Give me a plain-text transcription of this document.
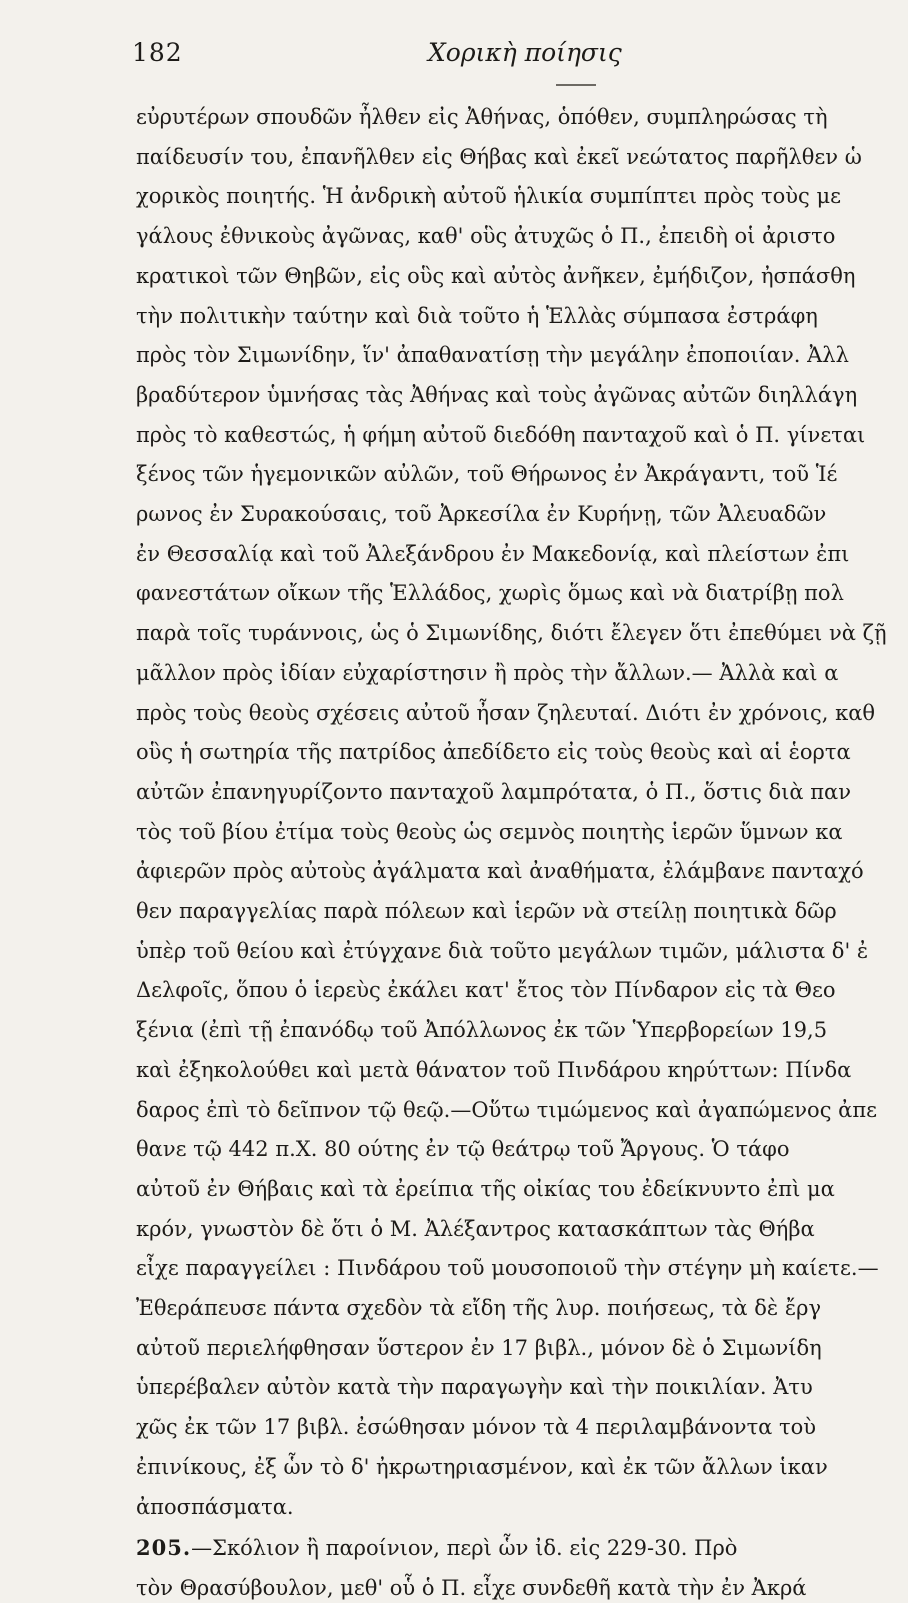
182	Χορικὴ ποίησις
εὐρυτέρων σπουδῶν ἦλθεν εἰς Ἀθήνας, ὁπόθεν, συμπληρώσας τὴ
παίδευσίν του, ἐπανῆλθεν εἰς Θήβας καὶ ἐκεῖ νεώτατος παρῆλθεν ὡ
χορικὸς ποιητής. Ἡ ἀνδρικὴ αὐτοῦ ἡλικία συμπίπτει πρὸς τοὺς με
γάλους ἐθνικοὺς ἀγῶνας, καθ' οὓς ἀτυχῶς ὁ Π., ἐπειδὴ οἱ ἀριστο
κρατικοὶ τῶν Θηβῶν, εἰς οὓς καὶ αὐτὸς ἀνῆκεν, ἐμήδιζον, ἠσπάσθη
τὴν πολιτικὴν ταύτην καὶ διὰ τοῦτο ἡ Ἑλλὰς σύμπασα ἐστράφη
πρὸς τὸν Σιμωνίδην, ἵν' ἀπαθανατίσῃ τὴν μεγάλην ἐποποιίαν. Ἀλλ
βραδύτερον ὑμνήσας τὰς Ἀθήνας καὶ τοὺς ἀγῶνας αὐτῶν διηλλάγη
πρὸς τὸ καθεστώς, ἡ φήμη αὐτοῦ διεδόθη πανταχοῦ καὶ ὁ Π. γίνεται
ξένος τῶν ἡγεμονικῶν αὐλῶν, τοῦ Θήρωνος ἐν Ἀκράγαντι, τοῦ Ἱέ
ρωνος ἐν Συρακούσαις, τοῦ Ἀρκεσίλα ἐν Κυρήνῃ, τῶν Ἀλευαδῶν
ἐν Θεσσαλίᾳ καὶ τοῦ Ἀλεξάνδρου ἐν Μακεδονίᾳ, καὶ πλείστων ἐπι
φανεστάτων οἴκων τῆς Ἑλλάδος, χωρὶς ὅμως καὶ νὰ διατρίβῃ πολ
παρὰ τοῖς τυράννοις, ὡς ὁ Σιμωνίδης, διότι ἔλεγεν ὅτι ἐπεθύμει νὰ ζῇ
μᾶλλον πρὸς ἰδίαν εὐχαρίστησιν ἢ πρὸς τὴν ἄλλων.— Ἀλλὰ καὶ α
πρὸς τοὺς θεοὺς σχέσεις αὐτοῦ ἦσαν ζηλευταί. Διότι ἐν χρόνοις, καθ
οὓς ἡ σωτηρία τῆς πατρίδος ἀπεδίδετο εἰς τοὺς θεοὺς καὶ αἱ ἑορτα
αὐτῶν ἐπανηγυρίζοντο πανταχοῦ λαμπρότατα, ὁ Π., ὅστις διὰ παν
τὸς τοῦ βίου ἐτίμα τοὺς θεοὺς ὡς σεμνὸς ποιητὴς ἱερῶν ὕμνων κα
ἀφιερῶν πρὸς αὐτοὺς ἀγάλματα καὶ ἀναθήματα, ἐλάμβανε πανταχό
θεν παραγγελίας παρὰ πόλεων καὶ ἱερῶν νὰ στείλῃ ποιητικὰ δῶρ
ὑπὲρ τοῦ θείου καὶ ἐτύγχανε διὰ τοῦτο μεγάλων τιμῶν, μάλιστα δ' ἐ
Δελφοῖς, ὅπου ὁ ἱερεὺς ἐκάλει κατ' ἔτος τὸν Πίνδαρον εἰς τὰ Θεο
ξένια (ἐπὶ τῇ ἐπανόδῳ τοῦ Ἀπόλλωνος ἐκ τῶν Ὑπερβορείων 19,5
καὶ ἐξηκολούθει καὶ μετὰ θάνατον τοῦ Πινδάρου κηρύττων: Πίνδα
δαρος ἐπὶ τὸ δεῖπνον τῷ θεῷ.—Οὕτω τιμώμενος καὶ ἀγαπώμενος ἀπε
θανε τῷ 442 π.Χ. 80 ούτης ἐν τῷ θεάτρῳ τοῦ Ἄργους. Ὁ τάφο
αὐτοῦ ἐν Θήβαις καὶ τὰ ἐρείπια τῆς οἰκίας του ἐδείκνυντο ἐπὶ μα
κρόν, γνωστὸν δὲ ὅτι ὁ Μ. Ἀλέξαντρος κατασκάπτων τὰς Θήβα
εἶχε παραγγείλει : Πινδάρου τοῦ μουσοποιοῦ τὴν στέγην μὴ καίετε.—
Ἐθεράπευσε πάντα σχεδὸν τὰ εἴδη τῆς λυρ. ποιήσεως, τὰ δὲ ἔργ
αὐτοῦ περιελήφθησαν ὕστερον ἐν 17 βιβλ., μόνον δὲ ὁ Σιμωνίδη
ὑπερέβαλεν αὐτὸν κατὰ τὴν παραγωγὴν καὶ τὴν ποικιλίαν. Ἀτυ
χῶς ἐκ τῶν 17 βιβλ. ἐσώθησαν μόνον τὰ 4 περιλαμβάνοντα τοὺ
ἐπινίκους, ἐξ ὧν τὸ δ' ἠκρωτηριασμένον, καὶ ἐκ τῶν ἄλλων ἱκαν
ἀποσπάσματα.
205.—Σκόλιον ἢ παροίνιον, περὶ ὧν ἰδ. εἰς 229-30. Πρὸ
τὸν Θρασύβουλον, μεθ' οὗ ὁ Π. εἶχε συνδεθῆ κατὰ τὴν ἐν Ἀκρά
